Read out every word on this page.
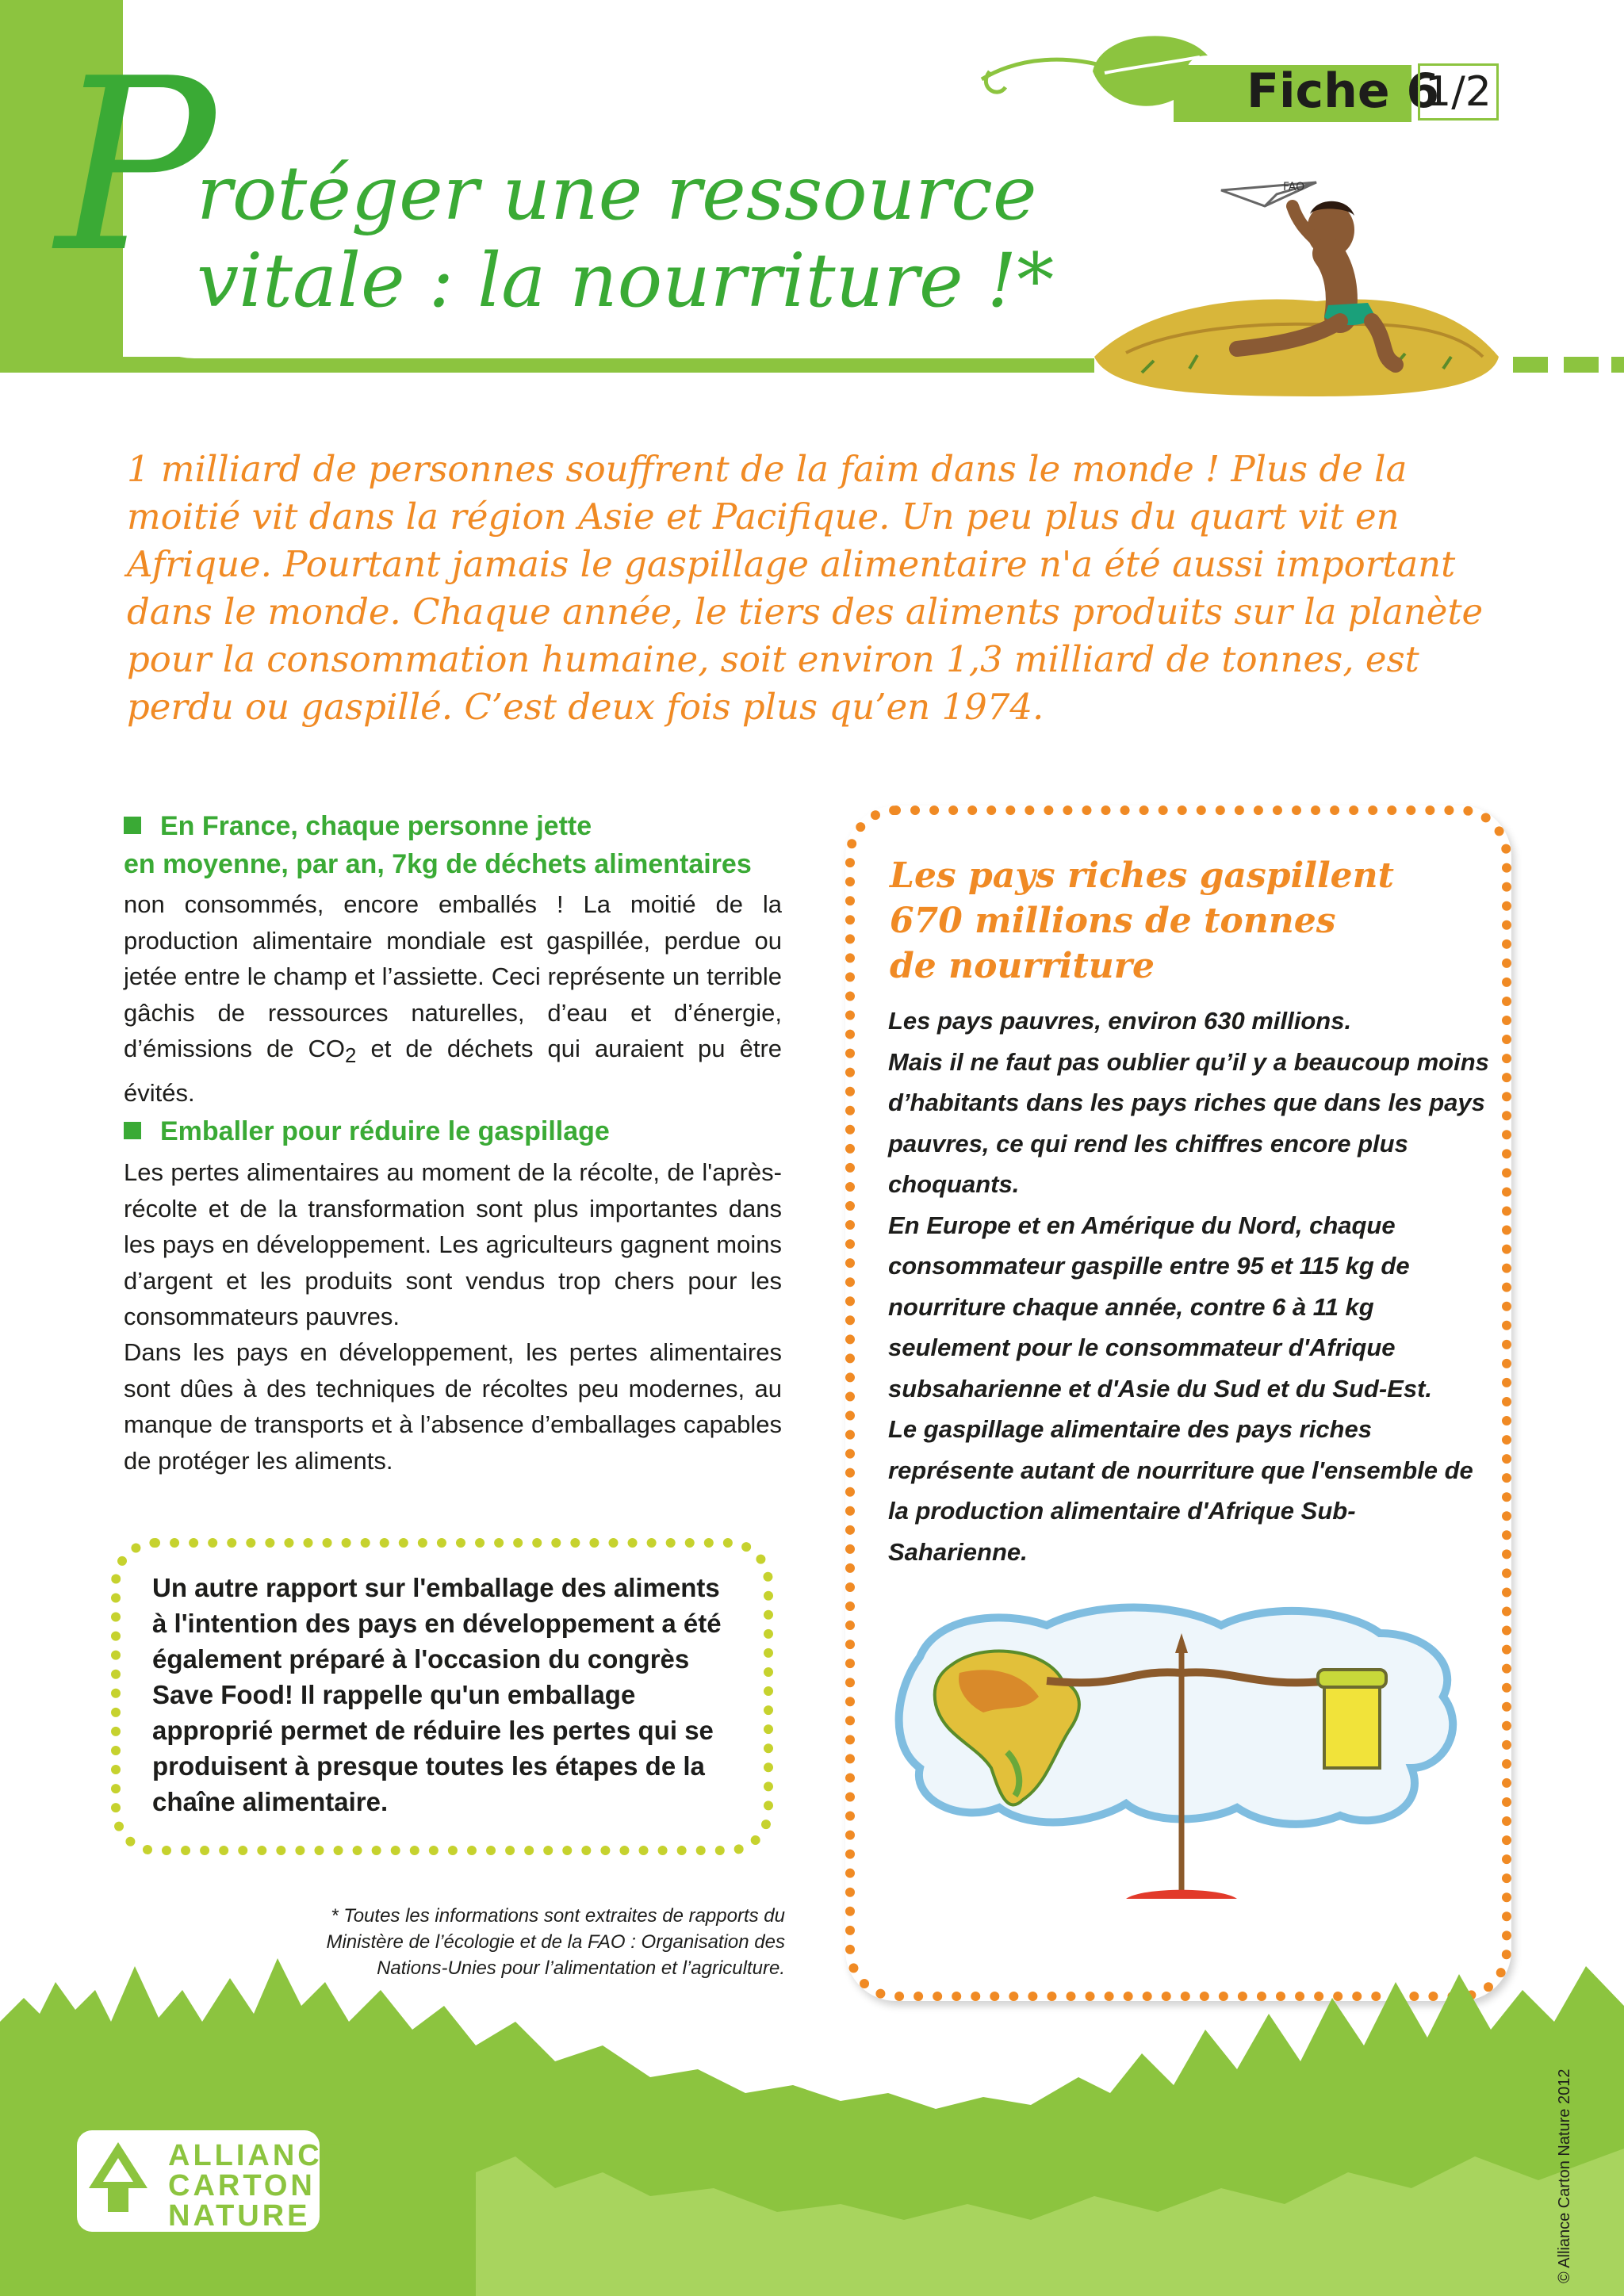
Fiche 6
1/2
P
rotéger une ressource
vitale : la nourriture !*
FAO

1 milliard de personnes souffrent de la faim dans le monde ! Plus de la moitié vit dans la région Asie et Pacifique. Un peu plus du quart vit en Afrique. Pourtant jamais le gaspillage alimentaire n'a été aussi important dans le monde. Chaque année, le tiers des aliments produits sur la planète pour la consommation humaine, soit environ 1,3 milliard de tonnes, est perdu ou gaspillé. C’est deux fois plus qu’en 1974.

En France, chaque personne jette
en moyenne, par an, 7kg de déchets alimentaires

non consommés, encore emballés ! La moitié de la production alimentaire mondiale est gaspillée, perdue ou jetée entre le champ et l’assiette. Ceci représente un terrible gâchis de ressources naturelles, d’eau et d’énergie, d’émissions de $CO_2$ et de déchets qui auraient pu être évités.

Emballer pour réduire le gaspillage

Les pertes alimentaires au moment de la récolte, de l'après-récolte et de la transformation sont plus importantes dans les pays en développement. Les agriculteurs gagnent moins d’argent et les produits sont vendus trop chers pour les consommateurs pauvres.

Dans les pays en développement, les pertes alimentaires sont dûes à des techniques de récoltes peu modernes, au manque de transports et à l’absence d’emballages capables de protéger les aliments.

Un autre rapport sur l'emballage des aliments à l'intention des pays en développement a été également préparé à l'occasion du congrès Save Food! Il rappelle qu'un emballage approprié permet de réduire les pertes qui se produisent à presque toutes les étapes de la chaîne alimentaire.

* Toutes les informations sont extraites de rapports du Ministère de l’écologie et de la FAO : Organisation des Nations-Unies pour l’alimentation et l’agriculture.

Les pays riches gaspillent
670 millions de tonnes
de nourriture

Les pays pauvres, environ 630 millions.
Mais il ne faut pas oublier qu’il y a beaucoup moins d’habitants dans les pays riches que dans les pays pauvres, ce qui rend les chiffres encore plus choquants.
En Europe et en Amérique du Nord, chaque consommateur gaspille entre 95 et 115 kg de nourriture chaque année, contre 6 à 11 kg seulement pour le consommateur d'Afrique subsaharienne et d'Asie du Sud et du Sud-Est.
Le gaspillage alimentaire des pays riches représente autant de nourriture que l'ensemble de la production alimentaire d'Afrique Sub-Saharienne.
ALLIANCE
CARTON
NATURE	© Alliance Carton Nature 2012
